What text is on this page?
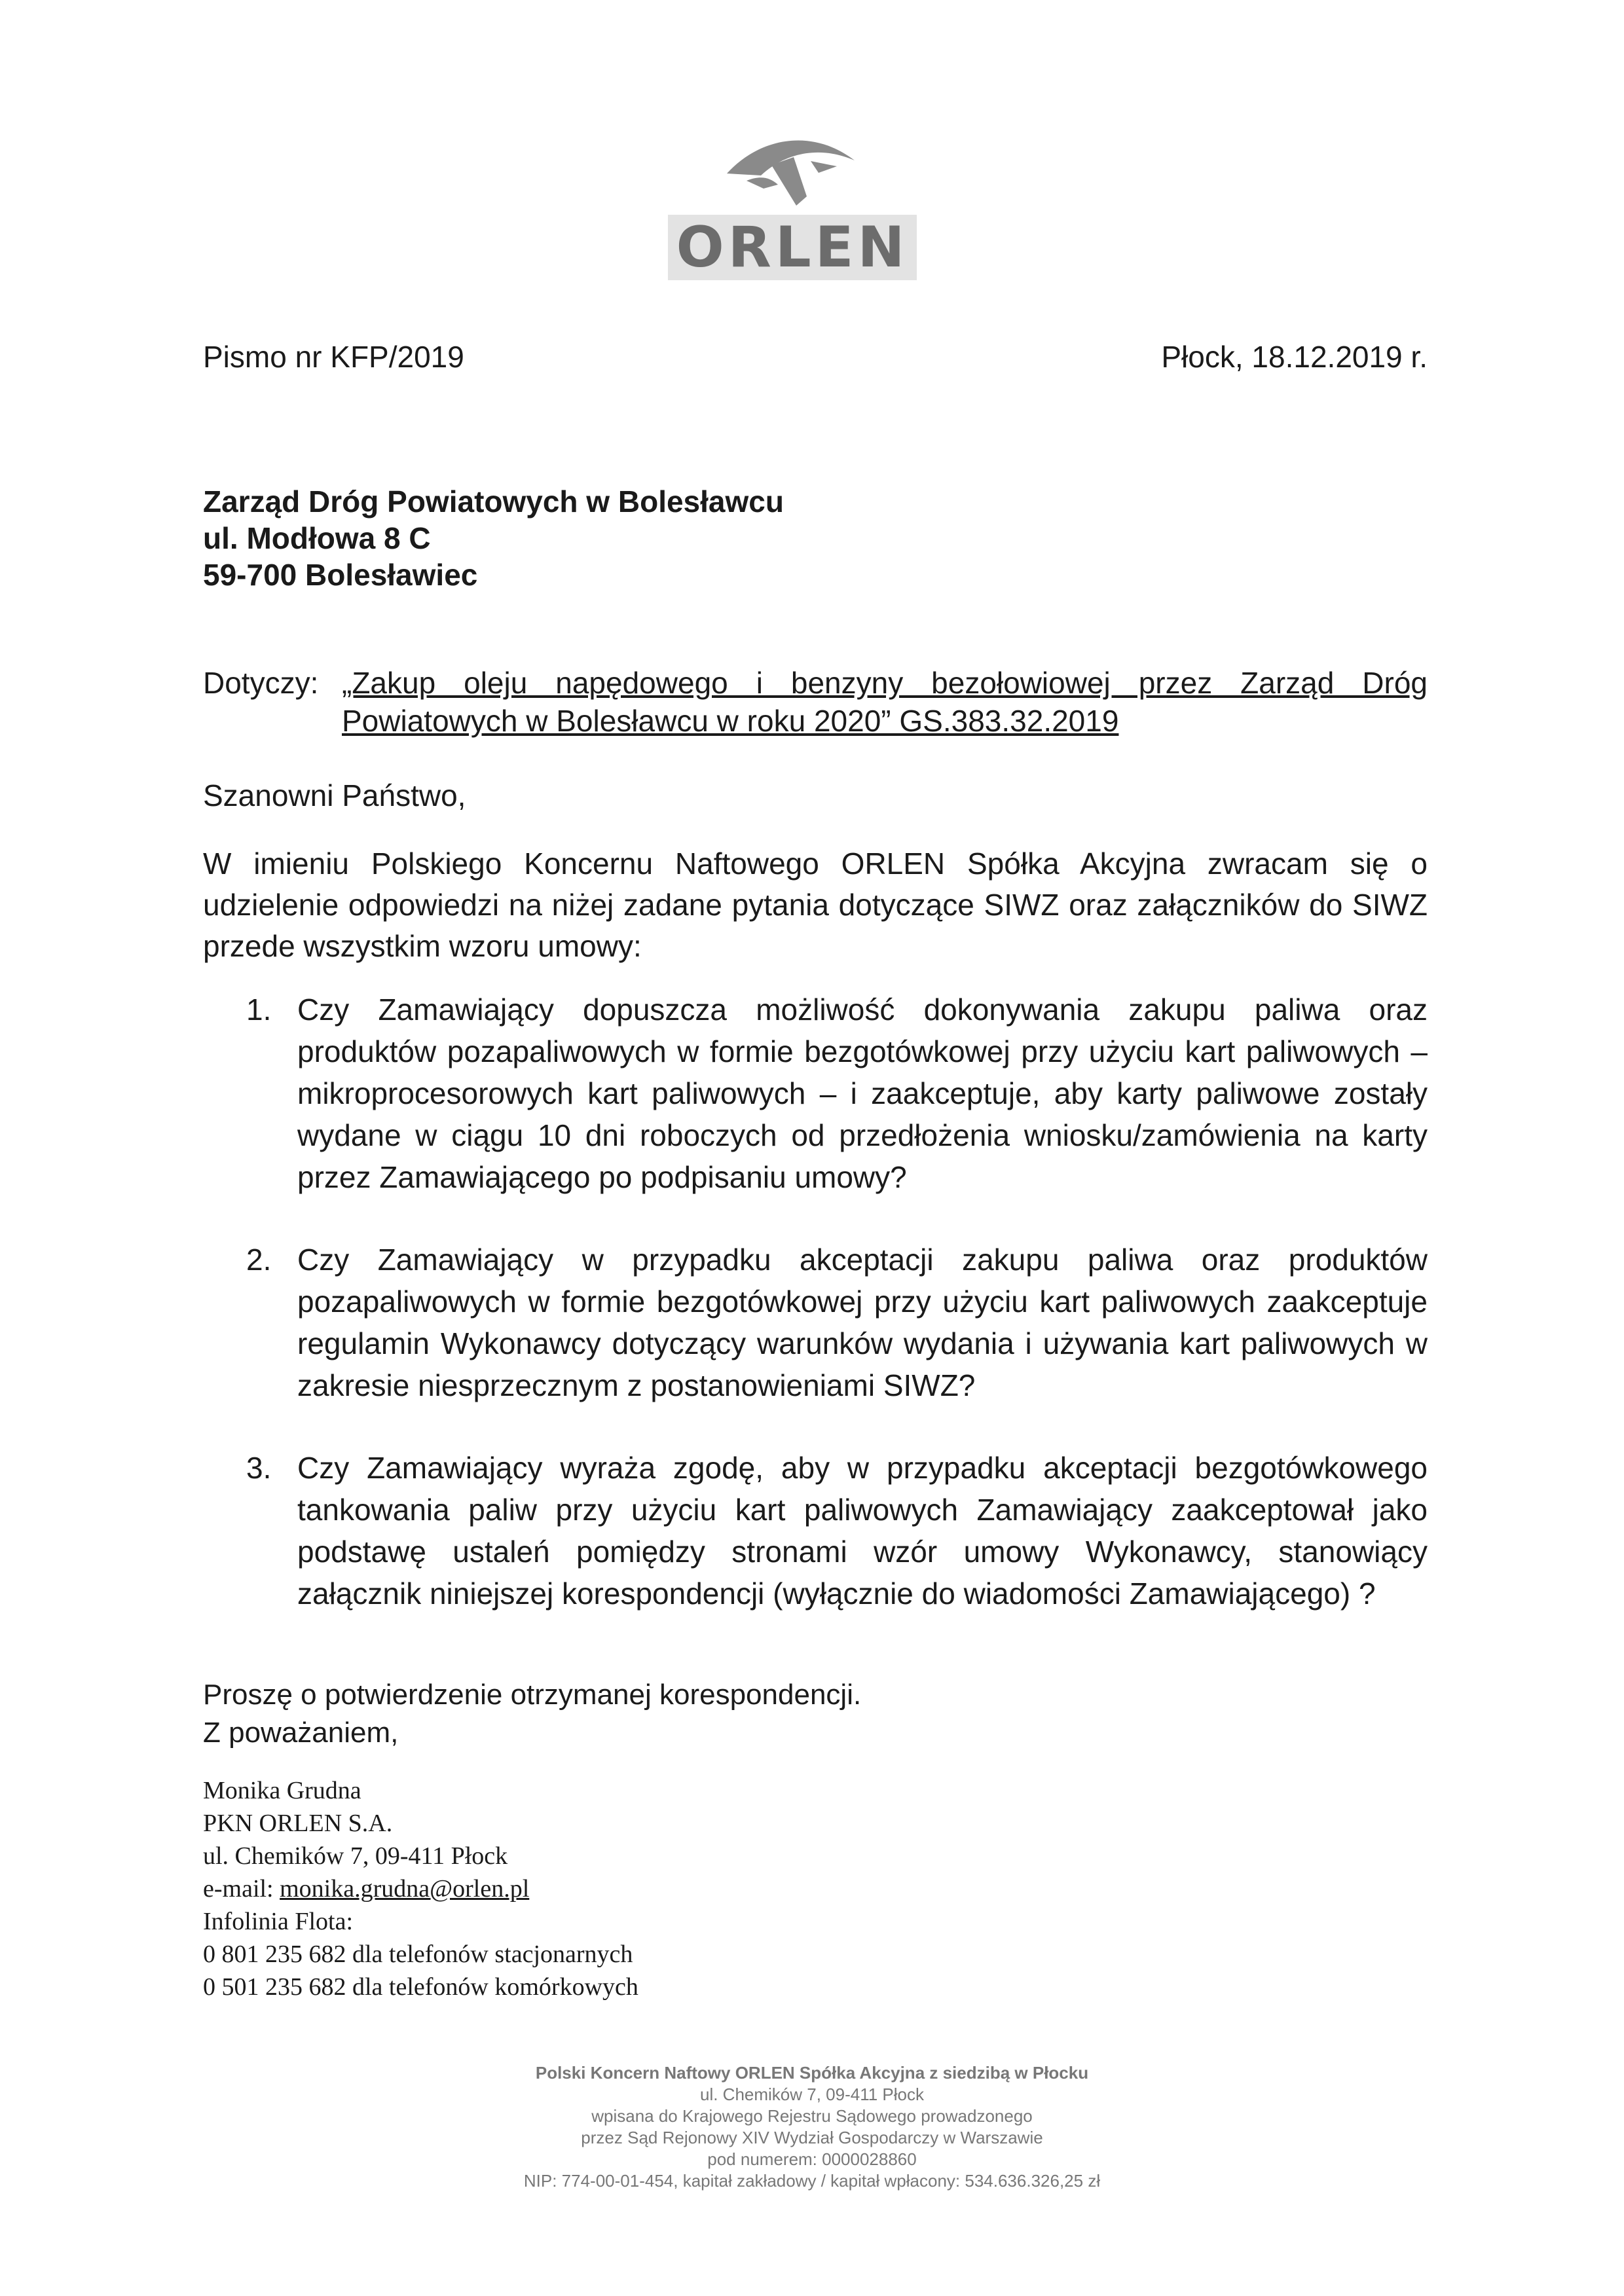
ORLEN
Pismo nr KFP/2019	Płock, 18.12.2019 r.
Zarząd Dróg Powiatowych w Bolesławcu
ul. Modłowa 8 C
59-700 Bolesławiec
Dotyczy: „Zakup oleju napędowego i benzyny bezołowiowej przez Zarząd Dróg Powiatowych w Bolesławcu w roku 2020” GS.383.32.2019
Szanowni Państwo,
W imieniu Polskiego Koncernu Naftowego ORLEN Spółka Akcyjna zwracam się o udzielenie odpowiedzi na niżej zadane pytania dotyczące SIWZ oraz załączników do SIWZ przede wszystkim wzoru umowy:
1. Czy Zamawiający dopuszcza możliwość dokonywania zakupu paliwa oraz produktów pozapaliwowych w formie bezgotówkowej przy użyciu kart paliwowych – mikroprocesorowych kart paliwowych – i zaakceptuje, aby karty paliwowe zostały wydane w ciągu 10 dni roboczych od przedłożenia wniosku/zamówienia na karty przez Zamawiającego po podpisaniu umowy?
2. Czy Zamawiający w przypadku akceptacji zakupu paliwa oraz produktów pozapaliwowych w formie bezgotówkowej przy użyciu kart paliwowych zaakceptuje regulamin Wykonawcy dotyczący warunków wydania i używania kart paliwowych w zakresie niesprzecznym z postanowieniami SIWZ?
3. Czy Zamawiający wyraża zgodę, aby w przypadku akceptacji bezgotówkowego tankowania paliw przy użyciu kart paliwowych Zamawiający zaakceptował jako podstawę ustaleń pomiędzy stronami wzór umowy Wykonawcy, stanowiący załącznik niniejszej korespondencji (wyłącznie do wiadomości Zamawiającego) ?
Proszę o potwierdzenie otrzymanej korespondencji.
Z poważaniem,
Monika Grudna
PKN ORLEN S.A.
ul. Chemików 7, 09-411 Płock
e-mail: monika.grudna@orlen.pl
Infolinia Flota:
0 801 235 682 dla telefonów stacjonarnych
0 501 235 682 dla telefonów komórkowych
Polski Koncern Naftowy ORLEN Spółka Akcyjna z siedzibą w Płocku
ul. Chemików 7, 09-411 Płock
wpisana do Krajowego Rejestru Sądowego prowadzonego
przez Sąd Rejonowy XIV Wydział Gospodarczy w Warszawie
pod numerem: 0000028860
NIP: 774-00-01-454, kapitał zakładowy / kapitał wpłacony: 534.636.326,25 zł
